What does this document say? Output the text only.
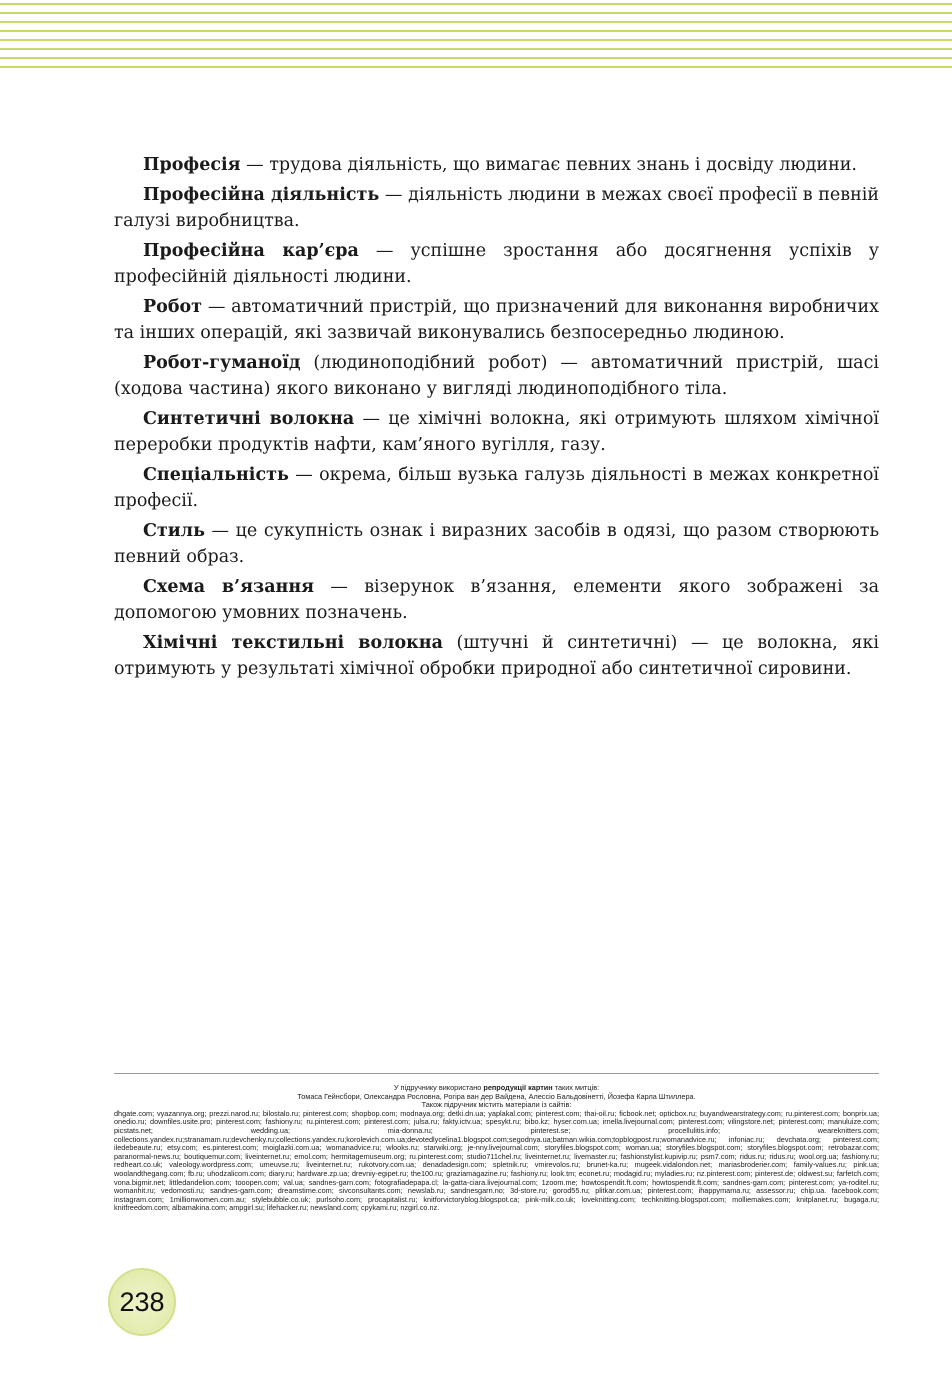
Професія — трудова діяльність, що вимагає певних знань і досвіду людини.

Професійна діяльність — діяльність людини в межах своєї професії в певній галузі виробництва.

Професійна кар’єра — успішне зростання або досягнення успіхів у професійній діяльності людини.

Робот — автоматичний пристрій, що призначений для виконання виробничих та інших операцій, які зазвичай виконувались безпосередньо людиною.

Робот-гуманоїд (людиноподібний робот) — автоматичний пристрій, шасі (ходова частина) якого виконано у вигляді людиноподібного тіла.

Синтетичні волокна — це хімічні волокна, які отримують шляхом хімічної переробки продуктів нафти, кам’яного вугілля, газу.

Спеціальність — окрема, більш вузька галузь діяльності в межах конкретної професії.

Стиль — це сукупність ознак і виразних засобів в одязі, що разом створюють певний образ.

Схема в’язання — візерунок в’язання, елементи якого зображені за допомогою умовних позначень.

Хімічні текстильні волокна (штучні й синтетичні) — це волокна, які отримують у результаті хімічної обробки природної або синтетичної сировини.

У підручнику використано репродукції картин таких митців:
Томаса Гейнсбори, Олександра Рословна, Рогіра ван дер Вайдена, Алессіо Бальдовінетті, Йозефа Карла Штиллера.
Також підручник містить матеріали із сайтів:
dhgate.com; vyazannya.org; prezzi.narod.ru; bilostalo.ru; pinterest.com; shopbop.com; modnaya.org; detki.dn.ua; yaplakal.com; pinterest.com; thai-oil.ru; ficbook.net; opticbox.ru; buyandwearstrategy.com; ru.pinterest.com; bonprix.ua; onedio.ru; downfiles.usite.pro; pinterest.com; fashiony.ru; ru.pinterest.com; pinterest.com; julsa.ru; fakty.ictv.ua; spesykt.ru; bibo.kz; hyser.com.ua; irnella.livejournal.com; pinterest.com; vilingstore.net; pinterest.com; manuluize.com; picstats.net; wedding.ua; mia-donna.ru; pinterest.se; procellulitis.info; weareknitters.com; collections.yandex.ru;stranamam.ru;devchenky.ru;collections.yandex.ru;korolevich.com.ua;devotedlycelina1.blogspot.com;segodnya.ua;batman.wikia.com;topblogpost.ru;womanadvice.ru; infoniac.ru; devchata.org; pinterest.com; iledebeaute.ru; etsy.com; es.pinterest.com; moiglazki.com.ua; womanadvice.ru; wlooks.ru; starwiki.org; je-nny.livejournal.com; storyfiles.blogspot.com; woman.ua; storyfiles.blogspot.com; storyfiles.blogspot.com; retrobazar.com; paranormal-news.ru; boutiquemur.com; liveinternet.ru; emol.com; hermitagemuseum.org; ru.pinterest.com; studio711chel.ru; liveinternet.ru; livemaster.ru; fashionstylist.kupivip.ru; psm7.com; ridus.ru; ridus.ru; wool.org.ua; fashiony.ru; redheart.co.uk; valeology.wordpress.com; umeuvse.ru; liveinternet.ru; rukotvory.com.ua; denadadesign.com; spletnik.ru; vmirevolos.ru; brunet-ka.ru; mugeek.vidalondon.net; mariasbroderier.com; family-values.ru; pink.ua; woolandthegang.com; fb.ru; uhodzalicom.com; diary.ru; hardware.zp.ua; drevniy-egipet.ru; the100.ru; graziamagazine.ru; fashiony.ru; look.tm; econet.ru; modagid.ru; myladies.ru; nz.pinterest.com; pinterest.de; oldwest.su; farfetch.com; vona.bigmir.net; littledandelion.com; tooopen.com; val.ua; sandnes-garn.com; fotografiadepapa.cl; la-gatta-ciara.livejournal.com; 1zoom.me; howtospendit.ft.com; howtospendit.ft.com; sandnes-garn.com; pinterest.com; ya-roditel.ru; womanhit.ru; vedomosti.ru; sandnes-garn.com; dreamstime.com; sivconsultants.com; newslab.ru; sandnesgarn.no; 3d-store.ru; gorod55.ru; plitkar.com.ua; pinterest.com; ihappymama.ru; assessor.ru; chip.ua. facebook.com; instagram.com; 1millionwomen.com.au; stylebubble.co.uk; purlsoho.com; procapitalist.ru; knitforvictoryblog.blogspot.ca; pink-milk.co.uk; loveknitting.com; techknitting.blogspot.com; molliemakes.com; knitplanet.ru; bugaga.ru; knitfreedom.com; albamakina.com; ampgirl.su; lifehacker.ru; newsland.com; cpykami.ru; nzgirl.co.nz.
238
